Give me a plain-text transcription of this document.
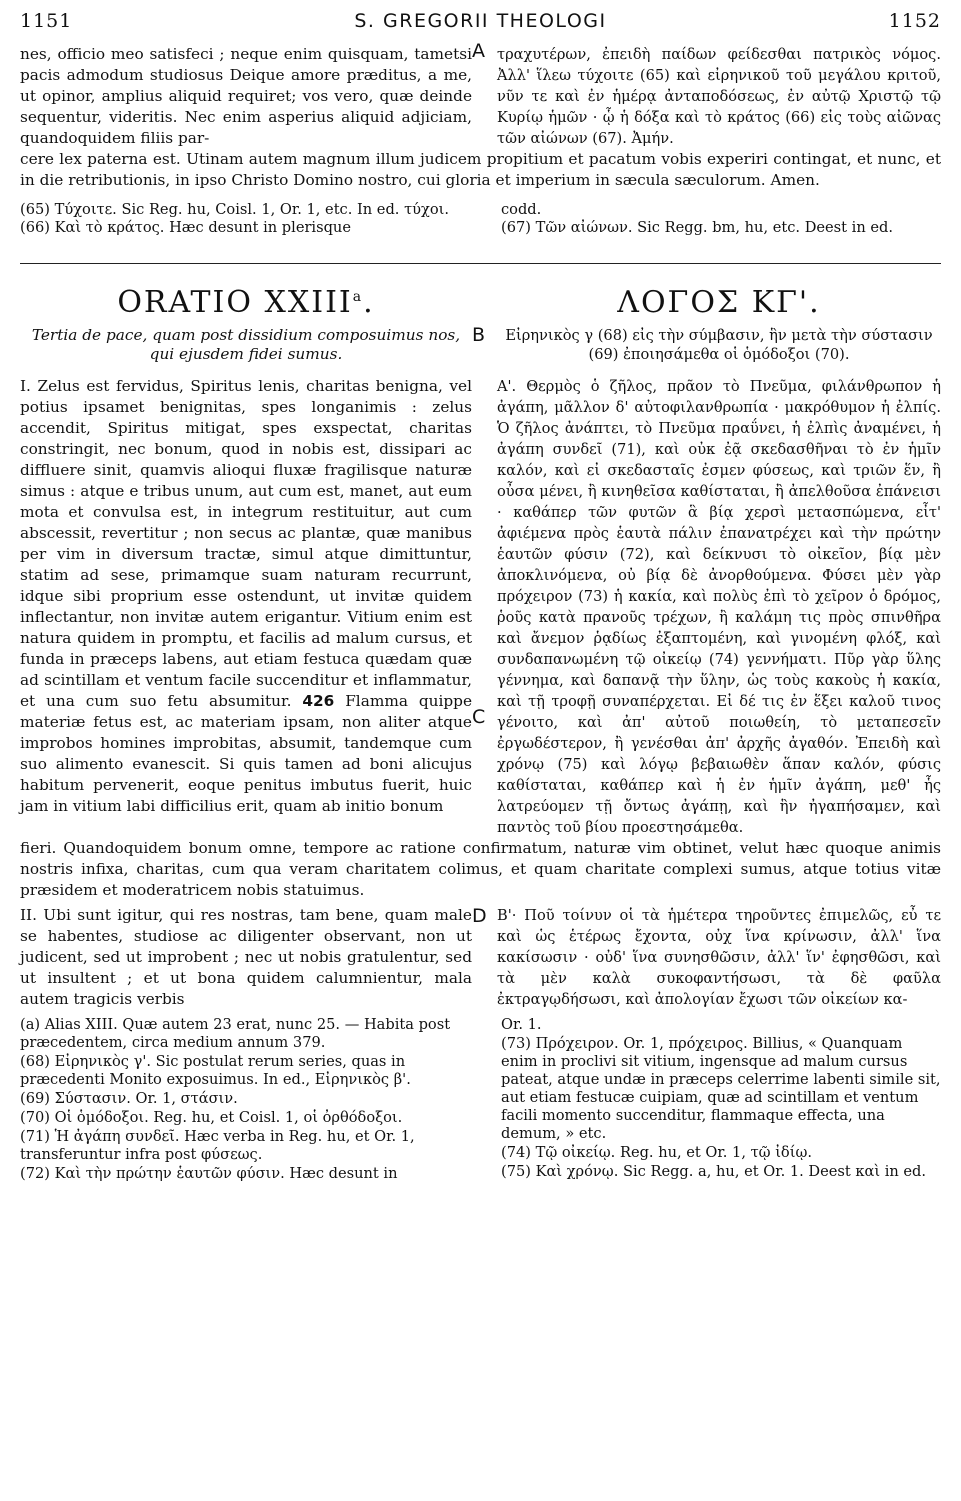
1151	S. GREGORII THEOLOGI	1152

nes, officio meo satisfeci ; neque enim quisquam, tametsi pacis admodum studiosus Deique amore præditus, a me, ut opinor, amplius aliquid requiret; vos vero, quæ deinde sequentur, videritis. Nec enim asperius aliquid adjiciam, quandoquidem filiis par-

A τραχυτέρων, ἐπειδὴ παίδων φείδεσθαι πατρικὸς νόμος. Ἀλλ' ἵλεω τύχοιτε (65) καὶ εἰρηνικοῦ τοῦ μεγάλου κριτοῦ, νῦν τε καὶ ἐν ἡμέρᾳ ἀνταποδόσεως, ἐν αὐτῷ Χριστῷ τῷ Κυρίῳ ἡμῶν · ᾧ ἡ δόξα καὶ τὸ κράτος (66) εἰς τοὺς αἰῶνας τῶν αἰώνων (67). Ἀμήν.

cere lex paterna est. Utinam autem magnum illum judicem propitium et pacatum vobis experiri contingat, et nunc, et in die retributionis, in ipso Christo Domino nostro, cui gloria et imperium in sæcula sæculorum. Amen.

(65) Τύχοιτε. Sic Reg. hu, Coisl. 1, Or. 1, etc. In ed. τύχοι.

(66) Καὶ τὸ κράτος. Hæc desunt in plerisque

codd.

(67) Τῶν αἰώνων. Sic Regg. bm, hu, etc. Deest in ed.

ORATIO XXIII$^a$.	ΛΟΓΟΣ ΚΓ'.
Tertia de pace, quam post dissidium composuimus nos, qui ejusdem fidei sumus.
B	Εἰρηνικὸς γ (68) εἰς τὴν σύμβασιν, ἣν μετὰ τὴν σύστασιν (69) ἐποιησάμεθα οἱ ὁμόδοξοι (70).

I. Zelus est fervidus, Spiritus lenis, charitas benigna, vel potius ipsamet benignitas, spes longanimis : zelus accendit, Spiritus mitigat, spes exspectat, charitas constringit, nec bonum, quod in nobis est, dissipari ac diffluere sinit, quamvis alioqui fluxæ fragilisque naturæ simus : atque e tribus unum, aut cum est, manet, aut eum mota et convulsa est, in integrum restituitur, aut cum abscessit, revertitur ; non secus ac plantæ, quæ manibus per vim in diversum tractæ, simul atque dimittuntur, statim ad sese, primamque suam naturam recurrunt, idque sibi proprium esse ostendunt, ut invitæ quidem inflectantur, non invitæ autem erigantur. Vitium enim est natura quidem in promptu, et facilis ad malum cursus, et funda in præceps labens, aut etiam festuca quædam quæ ad scintillam et ventum facile succenditur et inflammatur, et una cum suo fetu absumitur. 426 Flamma quippe materiæ fetus est, ac materiam ipsam, non aliter atque improbos homines improbitas, absumit, tandemque cum suo alimento evanescit. Si quis tamen ad boni alicujus habitum pervenerit, eoque penitus imbutus fuerit, huic jam in vitium labi difficilius erit, quam ab initio bonum

C

Α'. Θερμὸς ὁ ζῆλος, πρᾶον τὸ Πνεῦμα, φιλάνθρωπον ἡ ἀγάπη, μᾶλλον δ' αὐτοφιλανθρωπία · μακρόθυμον ἡ ἐλπίς. Ὁ ζῆλος ἀνάπτει, τὸ Πνεῦμα πραΰνει, ἡ ἐλπὶς ἀναμένει, ἡ ἀγάπη συνδεῖ (71), καὶ οὐκ ἐᾷ σκεδασθῆναι τὸ ἐν ἡμῖν καλόν, καὶ εἰ σκεδασταῖς ἐσμεν φύσεως, καὶ τριῶν ἕν, ἢ οὖσα μένει, ἢ κινηθεῖσα καθίσταται, ἢ ἀπελθοῦσα ἐπάνεισι · καθάπερ τῶν φυτῶν ἃ βίᾳ χερσὶ μετασπώμενα, εἶτ' ἀφιέμενα πρὸς ἑαυτὰ πάλιν ἐπανατρέχει καὶ τὴν πρώτην ἑαυτῶν φύσιν (72), καὶ δείκνυσι τὸ οἰκεῖον, βίᾳ μὲν ἀποκλινόμενα, οὐ βίᾳ δὲ ἀνορθούμενα. Φύσει μὲν γὰρ πρόχειρον (73) ἡ κακία, καὶ πολὺς ἐπὶ τὸ χεῖρον ὁ δρόμος, ῥοῦς κατὰ πρανοῦς τρέχων, ἢ καλάμη τις πρὸς σπινθῆρα καὶ ἄνεμον ῥᾳδίως ἐξαπτομένη, καὶ γινομένη φλόξ, καὶ συνδαπανωμένη τῷ οἰκείῳ (74) γεννήματι. Πῦρ γὰρ ὕλης γέννημα, καὶ δαπανᾷ τὴν ὕλην, ὡς τοὺς κακοὺς ἡ κακία, καὶ τῇ τροφῇ συναπέρχεται. Εἰ δέ τις ἐν ἕξει καλοῦ τινος γένοιτο, καὶ ἀπ' αὐτοῦ ποιωθείη, τὸ μεταπεσεῖν ἐργωδέστερον, ἢ γενέσθαι ἀπ' ἀρχῆς ἀγαθόν. Ἐπειδὴ καὶ χρόνῳ (75) καὶ λόγῳ βεβαιωθὲν ἅπαν καλόν, φύσις καθίσταται, καθάπερ καὶ ἡ ἐν ἡμῖν ἀγάπη, μεθ' ἧς λατρεύομεν τῇ ὄντως ἀγάπῃ, καὶ ἣν ἠγαπήσαμεν, καὶ παντὸς τοῦ βίου προεστησάμεθα.

fieri. Quandoquidem bonum omne, tempore ac ratione confirmatum, naturæ vim obtinet, velut hæc quoque animis nostris infixa, charitas, cum qua veram charitatem colimus, et quam charitate complexi sumus, atque totius vitæ præsidem et moderatricem nobis statuimus.

II. Ubi sunt igitur, qui res nostras, tam bene, quam male se habentes, studiose ac diligenter observant, non ut judicent, sed ut improbent ; nec ut nobis gratulentur, sed ut insultent ; et ut bona quidem calumnientur, mala autem tragicis verbis

D Β'· Ποῦ τοίνυν οἱ τὰ ἡμέτερα τηροῦντες ἐπιμελῶς, εὖ τε καὶ ὡς ἑτέρως ἔχοντα, οὐχ ἵνα κρίνωσιν, ἀλλ' ἵνα κακίσωσιν · οὐδ' ἵνα συνησθῶσιν, ἀλλ' ἵν' ἐφησθῶσι, καὶ τὰ μὲν καλὰ συκοφαντήσωσι, τὰ δὲ φαῦλα ἐκτραγῳδήσωσι, καὶ ἀπολογίαν ἔχωσι τῶν οἰκείων κα-

(a) Alias XIII. Quæ autem 23 erat, nunc 25. — Habita post præcedentem, circa medium annum 379.

(68) Εἰρηνικὸς γ'. Sic postulat rerum series, quas in præcedenti Monito exposuimus. In ed., Εἰρηνικὸς β'.

(69) Σύστασιν. Or. 1, στάσιν.

(70) Οἱ ὁμόδοξοι. Reg. hu, et Coisl. 1, οἱ ὀρθόδοξοι.

(71) Ἡ ἀγάπη συνδεῖ. Hæc verba in Reg. hu, et Or. 1, transferuntur infra post φύσεως.

(72) Καὶ τὴν πρώτην ἑαυτῶν φύσιν. Hæc desunt in

Or. 1.

(73) Πρόχειρον. Or. 1, πρόχειρος. Billius, « Quanquam enim in proclivi sit vitium, ingensque ad malum cursus pateat, atque undæ in præceps celerrime labenti simile sit, aut etiam festucæ cuipiam, quæ ad scintillam et ventum facili momento succenditur, flammaque effecta, una demum, » etc.

(74) Τῷ οἰκείῳ. Reg. hu, et Or. 1, τῷ ἰδίῳ.

(75) Καὶ χρόνῳ. Sic Regg. a, hu, et Or. 1. Deest καὶ in ed.
